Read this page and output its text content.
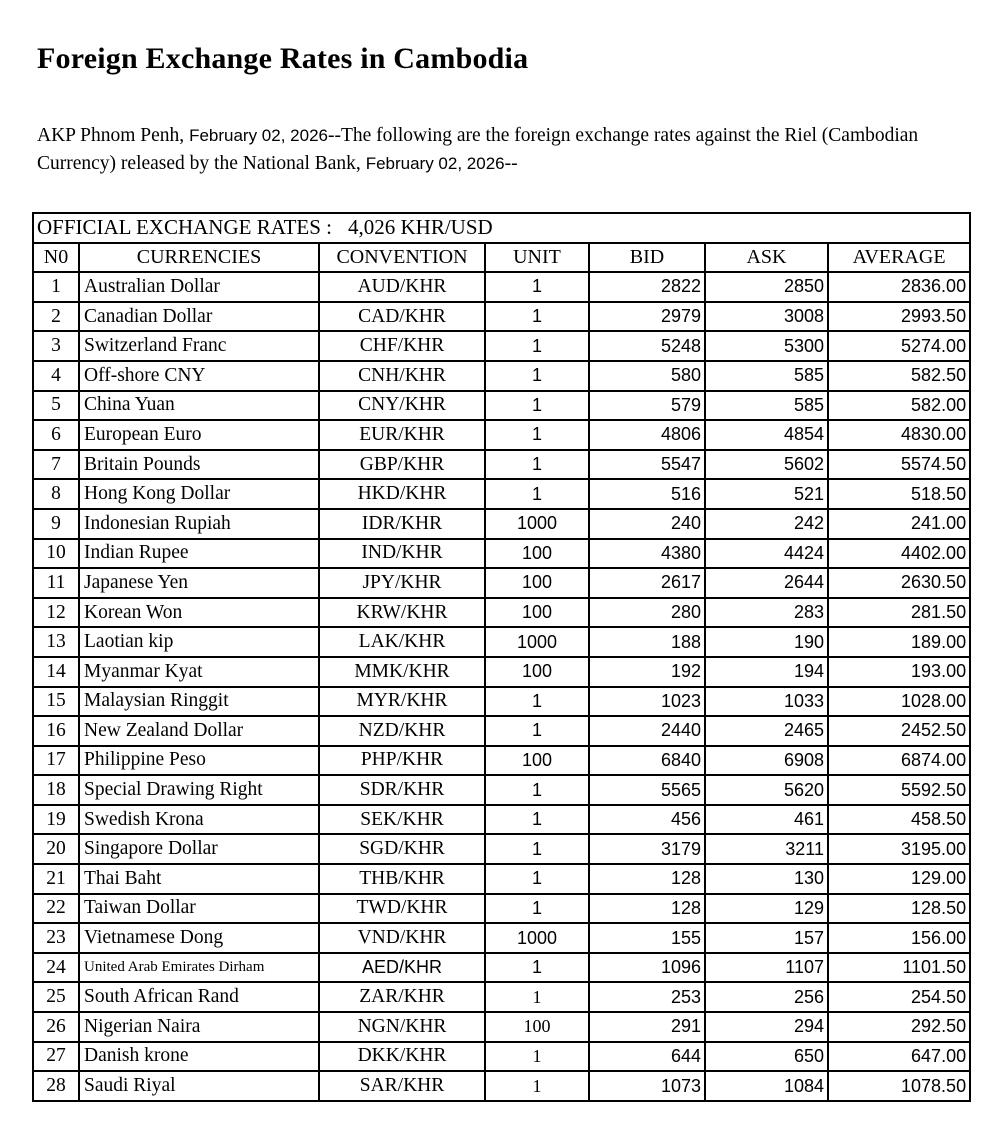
Foreign Exchange Rates in Cambodia

AKP Phnom Penh, February 02, 2026--The following are the foreign exchange rates against the Riel (Cambodian Currency) released by the National Bank, February 02, 2026--

OFFICIAL EXCHANGE RATES : 4,026 KHR/USD						
N0	CURRENCIES	CONVENTION	UNIT	BID	ASK	AVERAGE
1	Australian Dollar	AUD/KHR	1	2822	2850	2836.00
2	Canadian Dollar	CAD/KHR	1	2979	3008	2993.50
3	Switzerland Franc	CHF/KHR	1	5248	5300	5274.00
4	Off-shore CNY	CNH/KHR	1	580	585	582.50
5	China Yuan	CNY/KHR	1	579	585	582.00
6	European Euro	EUR/KHR	1	4806	4854	4830.00
7	Britain Pounds	GBP/KHR	1	5547	5602	5574.50
8	Hong Kong Dollar	HKD/KHR	1	516	521	518.50
9	Indonesian Rupiah	IDR/KHR	1000	240	242	241.00
10	Indian Rupee	IND/KHR	100	4380	4424	4402.00
11	Japanese Yen	JPY/KHR	100	2617	2644	2630.50
12	Korean Won	KRW/KHR	100	280	283	281.50
13	Laotian kip	LAK/KHR	1000	188	190	189.00
14	Myanmar Kyat	MMK/KHR	100	192	194	193.00
15	Malaysian Ringgit	MYR/KHR	1	1023	1033	1028.00
16	New Zealand Dollar	NZD/KHR	1	2440	2465	2452.50
17	Philippine Peso	PHP/KHR	100	6840	6908	6874.00
18	Special Drawing Right	SDR/KHR	1	5565	5620	5592.50
19	Swedish Krona	SEK/KHR	1	456	461	458.50
20	Singapore Dollar	SGD/KHR	1	3179	3211	3195.00
21	Thai Baht	THB/KHR	1	128	130	129.00
22	Taiwan Dollar	TWD/KHR	1	128	129	128.50
23	Vietnamese Dong	VND/KHR	1000	155	157	156.00
24	United Arab Emirates Dirham	AED/KHR	1	1096	1107	1101.50
25	South African Rand	ZAR/KHR	1	253	256	254.50
26	Nigerian Naira	NGN/KHR	100	291	294	292.50
27	Danish krone	DKK/KHR	1	644	650	647.00
28	Saudi Riyal	SAR/KHR	1	1073	1084	1078.50
